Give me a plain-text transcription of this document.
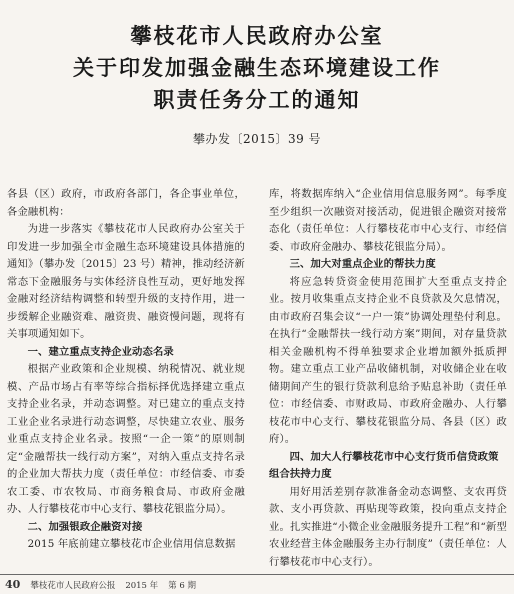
攀枝花市人民政府办公室
关于印发加强金融生态环境建设工作
职责任务分工的通知
攀办发〔2015〕39 号

各县（区）政府，市政府各部门，各企事业单位，各金融机构：

为进一步落实《攀枝花市人民政府办公室关于印发进一步加强全市金融生态环境建设具体措施的通知》（攀办发〔2015〕23 号）精神，推动经济新常态下金融服务与实体经济良性互动，更好地发挥金融对经济结构调整和转型升级的支持作用，进一步缓解企业融资难、融资贵、融资慢问题，现将有关事项通知如下。

一、建立重点支持企业动态名录

根据产业政策和企业规模、纳税情况、就业规模、产品市场占有率等综合指标择优选择建立重点支持企业名录，并动态调整。对已建立的重点支持工业企业名录进行动态调整，尽快建立农业、服务业重点支持企业名录。按照“一企一策”的原则制定“金融帮扶一线行动方案”，对纳入重点支持名录的企业加大帮扶力度（责任单位：市经信委、市委农工委、市农牧局、市商务粮食局、市政府金融办、人行攀枝花市中心支行、攀枝花银监分局）。

二、加强银政企融资对接

2015 年底前建立攀枝花市企业信用信息数据

库，将数据库纳入“企业信用信息服务网”。每季度至少组织一次融资对接活动，促进银企融资对接常态化（责任单位：人行攀枝花市中心支行、市经信委、市政府金融办、攀枝花银监分局）。

三、加大对重点企业的帮扶力度

将应急转贷资金使用范围扩大至重点支持企业。按月收集重点支持企业不良贷款及欠息情况，由市政府召集会议“一户一策”协调处理垫付利息。在执行“金融帮扶一线行动方案”期间，对存量贷款相关金融机构不得单独要求企业增加额外抵质押物。建立重点工业产品收储机制，对收储企业在收储期间产生的银行贷款利息给予贴息补助（责任单位：市经信委、市财政局、市政府金融办、人行攀枝花市中心支行、攀枝花银监分局、各县（区）政府）。

四、加大人行攀枝花市中心支行货币信贷政策组合扶持力度

用好用活差别存款准备金动态调整、支农再贷款、支小再贷款、再贴现等政策，投向重点支持企业。扎实推进“小微企业金融服务提升工程”和“新型农业经营主体金融服务主办行制度”（责任单位：人行攀枝花市中心支行）。

40 攀枝花市人民政府公报 2015 年 第 6 期
